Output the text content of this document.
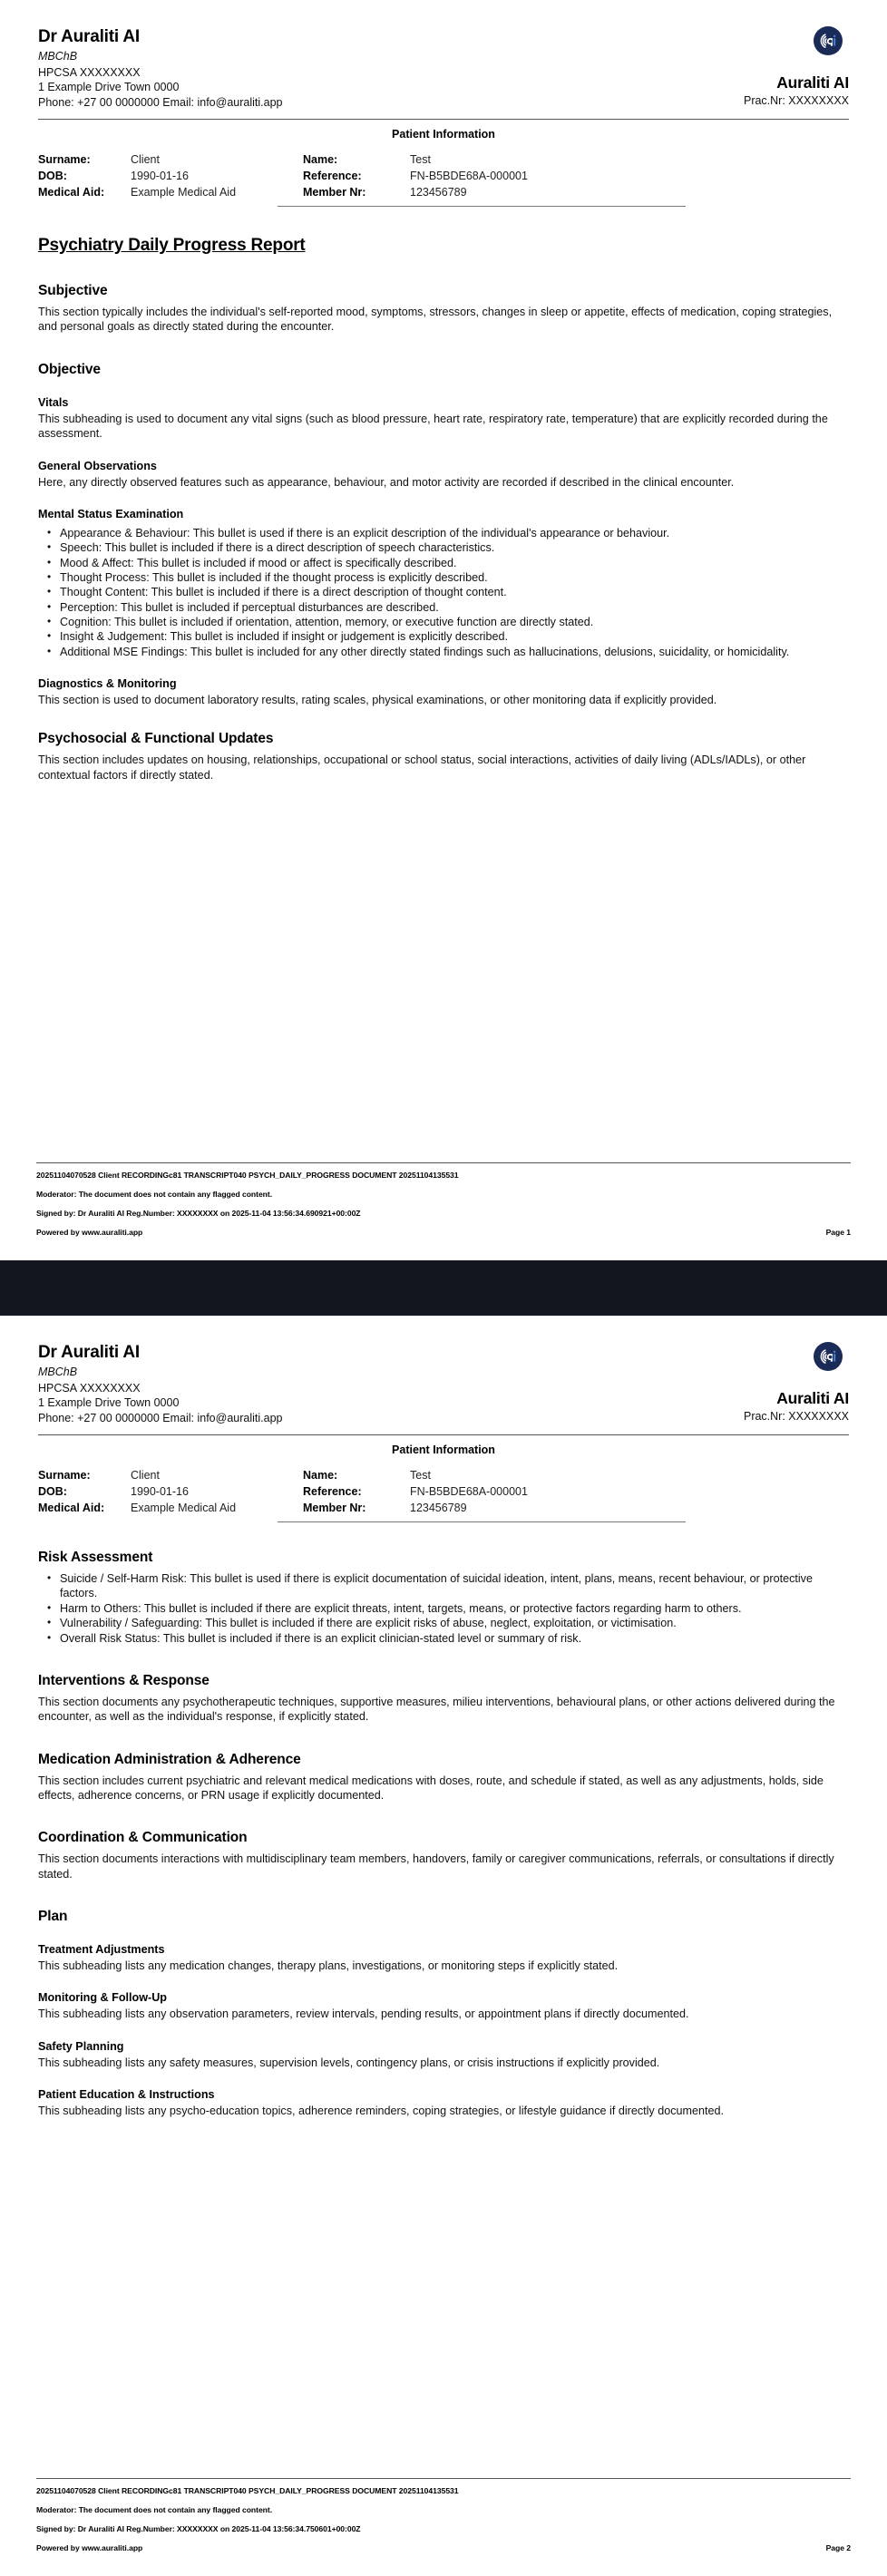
Dr Auraliti AI
MBChB
HPCSA XXXXXXXX
1 Example Drive Town 0000
Phone: +27 00 0000000 Email: info@auraliti.app
Auraliti AI
Prac.Nr: XXXXXXXX
Patient Information
Surname:	Client	Name:	Test
DOB:	1990-01-16	Reference:	FN-B5BDE68A-000001
Medical Aid:	Example Medical Aid	Member Nr:	123456789
Psychiatry Daily Progress Report
Subjective

This section typically includes the individual's self-reported mood, symptoms, stressors, changes in sleep or appetite, effects of medication, coping strategies, and personal goals as directly stated during the encounter.

Objective
Vitals

This subheading is used to document any vital signs (such as blood pressure, heart rate, respiratory rate, temperature) that are explicitly recorded during the assessment.

General Observations

Here, any directly observed features such as appearance, behaviour, and motor activity are recorded if described in the clinical encounter.

Mental Status Examination
• Appearance & Behaviour: This bullet is used if there is an explicit description of the individual's appearance or behaviour.
• Speech: This bullet is included if there is a direct description of speech characteristics.
• Mood & Affect: This bullet is included if mood or affect is specifically described.
• Thought Process: This bullet is included if the thought process is explicitly described.
• Thought Content: This bullet is included if there is a direct description of thought content.
• Perception: This bullet is included if perceptual disturbances are described.
• Cognition: This bullet is included if orientation, attention, memory, or executive function are directly stated.
• Insight & Judgement: This bullet is included if insight or judgement is explicitly described.
• Additional MSE Findings: This bullet is included for any other directly stated findings such as hallucinations, delusions, suicidality, or homicidality.
Diagnostics & Monitoring

This section is used to document laboratory results, rating scales, physical examinations, or other monitoring data if explicitly provided.

Psychosocial & Functional Updates

This section includes updates on housing, relationships, occupational or school status, social interactions, activities of daily living (ADLs/IADLs), or other contextual factors if directly stated.

20251104070528 Client RECORDINGc81 TRANSCRIPT040 PSYCH_DAILY_PROGRESS DOCUMENT 20251104135531
Moderator: The document does not contain any flagged content.
Signed by: Dr Auraliti AI Reg.Number: XXXXXXXX on 2025-11-04 13:56:34.690921+00:00Z
Powered by www.auraliti.app	Page 1
Dr Auraliti AI
MBChB
HPCSA XXXXXXXX
1 Example Drive Town 0000
Phone: +27 00 0000000 Email: info@auraliti.app
Auraliti AI
Prac.Nr: XXXXXXXX
Patient Information
Surname:	Client	Name:	Test
DOB:	1990-01-16	Reference:	FN-B5BDE68A-000001
Medical Aid:	Example Medical Aid	Member Nr:	123456789
Risk Assessment
• Suicide / Self-Harm Risk: This bullet is used if there is explicit documentation of suicidal ideation, intent, plans, means, recent behaviour, or protective factors.
• Harm to Others: This bullet is included if there are explicit threats, intent, targets, means, or protective factors regarding harm to others.
• Vulnerability / Safeguarding: This bullet is included if there are explicit risks of abuse, neglect, exploitation, or victimisation.
• Overall Risk Status: This bullet is included if there is an explicit clinician-stated level or summary of risk.
Interventions & Response

This section documents any psychotherapeutic techniques, supportive measures, milieu interventions, behavioural plans, or other actions delivered during the encounter, as well as the individual's response, if explicitly stated.

Medication Administration & Adherence

This section includes current psychiatric and relevant medical medications with doses, route, and schedule if stated, as well as any adjustments, holds, side effects, adherence concerns, or PRN usage if explicitly documented.

Coordination & Communication

This section documents interactions with multidisciplinary team members, handovers, family or caregiver communications, referrals, or consultations if directly stated.

Plan
Treatment Adjustments

This subheading lists any medication changes, therapy plans, investigations, or monitoring steps if explicitly stated.

Monitoring & Follow-Up

This subheading lists any observation parameters, review intervals, pending results, or appointment plans if directly documented.

Safety Planning

This subheading lists any safety measures, supervision levels, contingency plans, or crisis instructions if explicitly provided.

Patient Education & Instructions

This subheading lists any psycho-education topics, adherence reminders, coping strategies, or lifestyle guidance if directly documented.

20251104070528 Client RECORDINGc81 TRANSCRIPT040 PSYCH_DAILY_PROGRESS DOCUMENT 20251104135531
Moderator: The document does not contain any flagged content.
Signed by: Dr Auraliti AI Reg.Number: XXXXXXXX on 2025-11-04 13:56:34.750601+00:00Z
Powered by www.auraliti.app	Page 2
